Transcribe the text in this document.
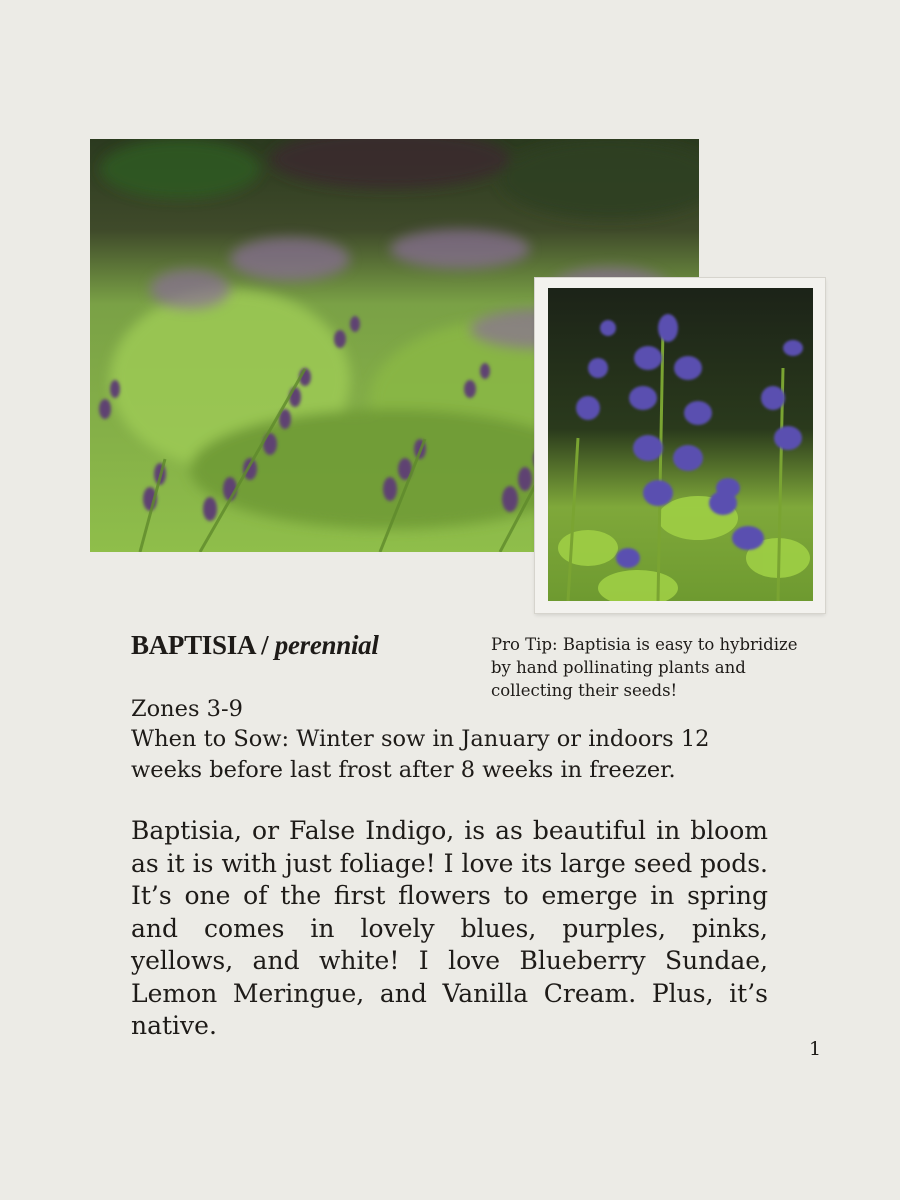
BAPTISIA / perennial	Pro Tip: Baptisia is easy to hybridize by hand pollinating plants and collecting their seeds!
Zones 3-9
When to Sow: Winter sow in January or indoors 12 weeks before last frost after 8 weeks in freezer.

Baptisia, or False Indigo, is as beautiful in bloom as it is with just foliage! I love its large seed pods. It’s one of the first flowers to emerge in spring and comes in lovely blues, purples, pinks, yellows, and white! I love Blueberry Sundae, Lemon Meringue, and Vanilla Cream. Plus, it’s native.

1
